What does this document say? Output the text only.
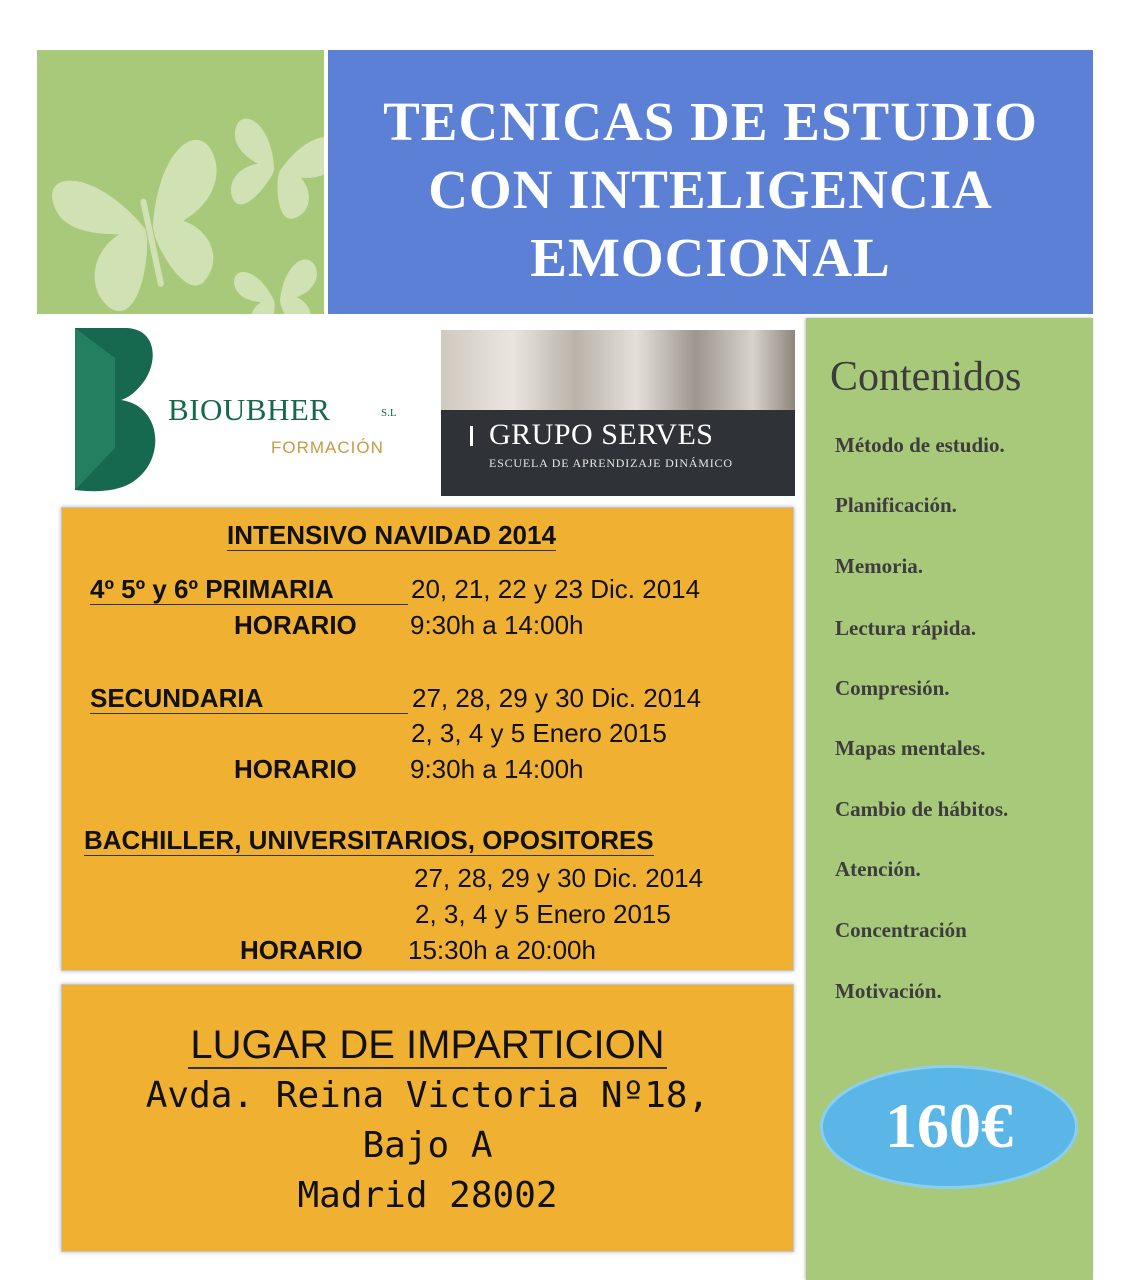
TECNICAS DE ESTUDIO CON INTELIGENCIA EMOCIONAL
BIOUBHER	S.L
FORMACIÓN	GRUPO SERVES
ESCUELA DE APRENDIZAJE DINÁMICO
INTENSIVO NAVIDAD 2014
4º 5º y 6º PRIMARIA	20, 21, 22 y 23 Dic. 2014
HORARIO 9:30h a 14:00h
SECUNDARIA	27, 28, 29 y 30 Dic. 2014
2, 3, 4 y 5 Enero 2015
HORARIO 9:30h a 14:00h
BACHILLER, UNIVERSITARIOS, OPOSITORES
27, 28, 29 y 30 Dic. 2014
2, 3, 4 y 5 Enero 2015
HORARIO 15:30h a 20:00h
LUGAR DE IMPARTICION
Avda. Reina Victoria Nº18,
Bajo A
Madrid 28002
Contenidos
Método de estudio.
Planificación.
Memoria.
Lectura rápida.
Compresión.
Mapas mentales.
Cambio de hábitos.
Atención.
Concentración
Motivación.
160€
